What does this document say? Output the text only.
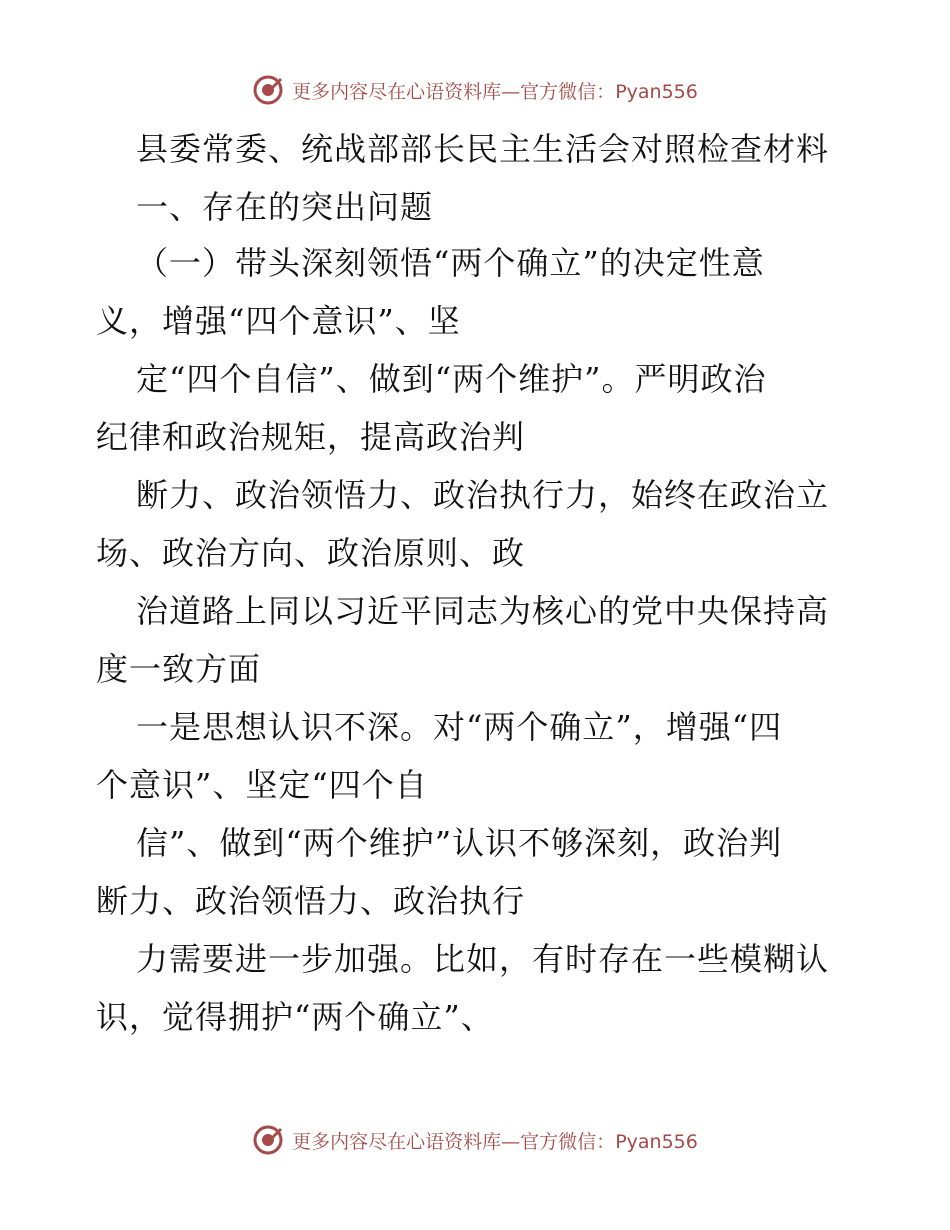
更多内容尽在心语资料库—官方微信：Pyan556
县委常委、统战部部长民主生活会对照检查材料
一、存在的突出问题
（一）带头深刻领悟“两个确立”的决定性意
义，增强“四个意识”、坚
定“四个自信”、做到“两个维护”。严明政治
纪律和政治规矩，提高政治判
断力、政治领悟力、政治执行力，始终在政治立
场、政治方向、政治原则、政
治道路上同以习近平同志为核心的党中央保持高
度一致方面
一是思想认识不深。对“两个确立”，增强“四
个意识”、坚定“四个自
信”、做到“两个维护”认识不够深刻，政治判
断力、政治领悟力、政治执行
力需要进一步加强。比如，有时存在一些模糊认
识，觉得拥护“两个确立”、
更多内容尽在心语资料库—官方微信：Pyan556
